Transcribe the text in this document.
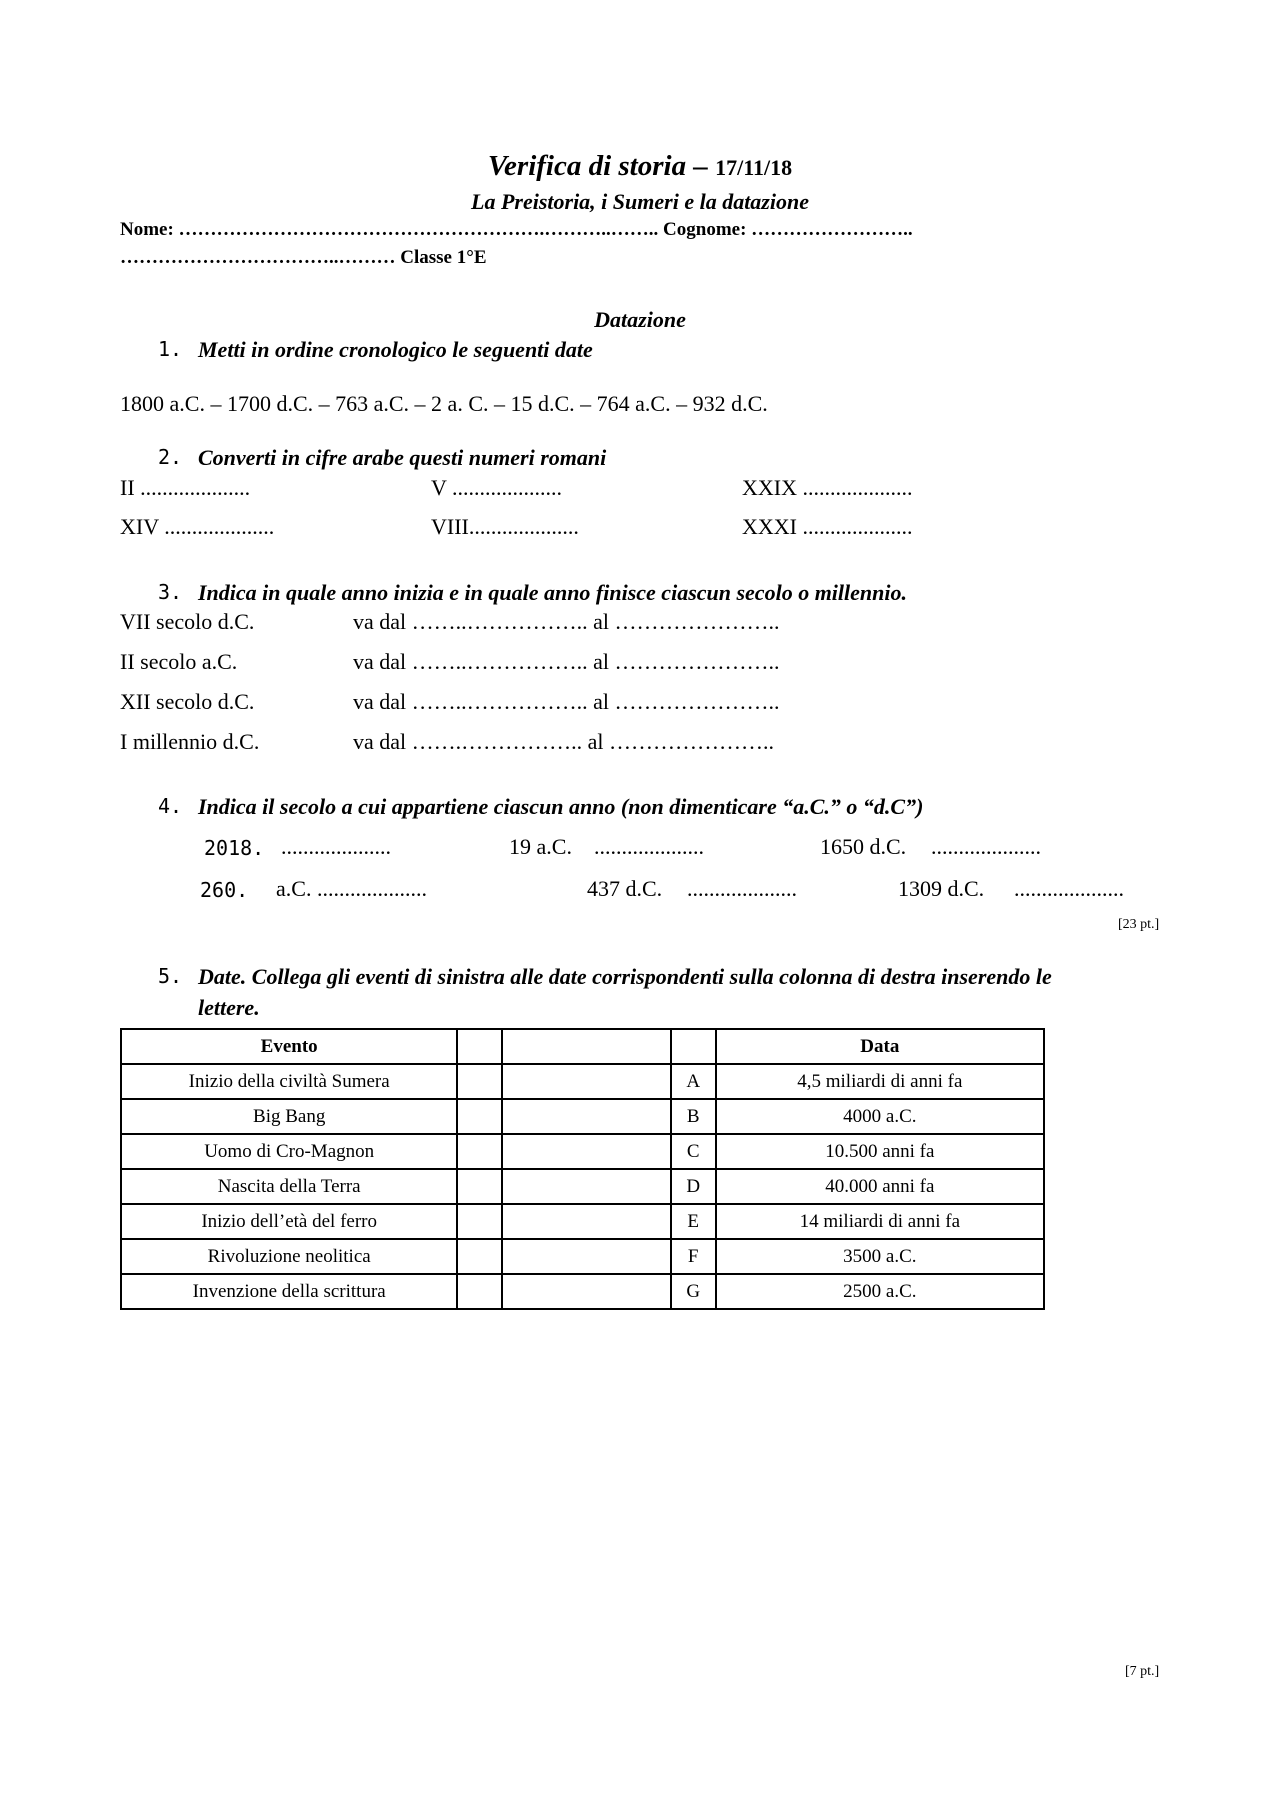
Verifica di storia – 17/11/18
La Preistoria, i Sumeri e la datazione
Nome: ………………………………………………….………..…….. Cognome: ……………………..
……………………………..……… Classe 1°E
Datazione
1. Metti in ordine cronologico le seguenti date
1800 a.C. – 1700 d.C. – 763 a.C. – 2 a. C. – 15 d.C. – 764 a.C. – 932 d.C.
2. Converti in cifre arabe questi numeri romani
II ....................	V ....................	XXIX ....................
XIV ....................	VIII....................	XXXI ....................
3. Indica in quale anno inizia e in quale anno finisce ciascun secolo o millennio.
VII secolo d.C.	va dal ……..…………….. al …………………..
II secolo a.C.	va dal ……..…………….. al …………………..
XII secolo d.C.	va dal ……..…………….. al …………………..
I millennio d.C.	va dal …….…………….. al …………………..
4. Indica il secolo a cui appartiene ciascun anno (non dimenticare “a.C.” o “d.C”)
2018. ....................	19 a.C. ....................	1650 d.C. ....................
260. a.C. ....................	437 d.C. ....................	1309 d.C. ....................
[23 pt.]
5. Date. Collega gli eventi di sinistra alle date corrispondenti sulla colonna di destra inserendo le
lettere.
Evento				Data
Inizio della civiltà Sumera			A	4,5 miliardi di anni fa
Big Bang			B	4000 a.C.
Uomo di Cro-Magnon			C	10.500 anni fa
Nascita della Terra			D	40.000 anni fa
Inizio dell’età del ferro			E	14 miliardi di anni fa
Rivoluzione neolitica			F	3500 a.C.
Invenzione della scrittura			G	2500 a.C.
[7 pt.]
